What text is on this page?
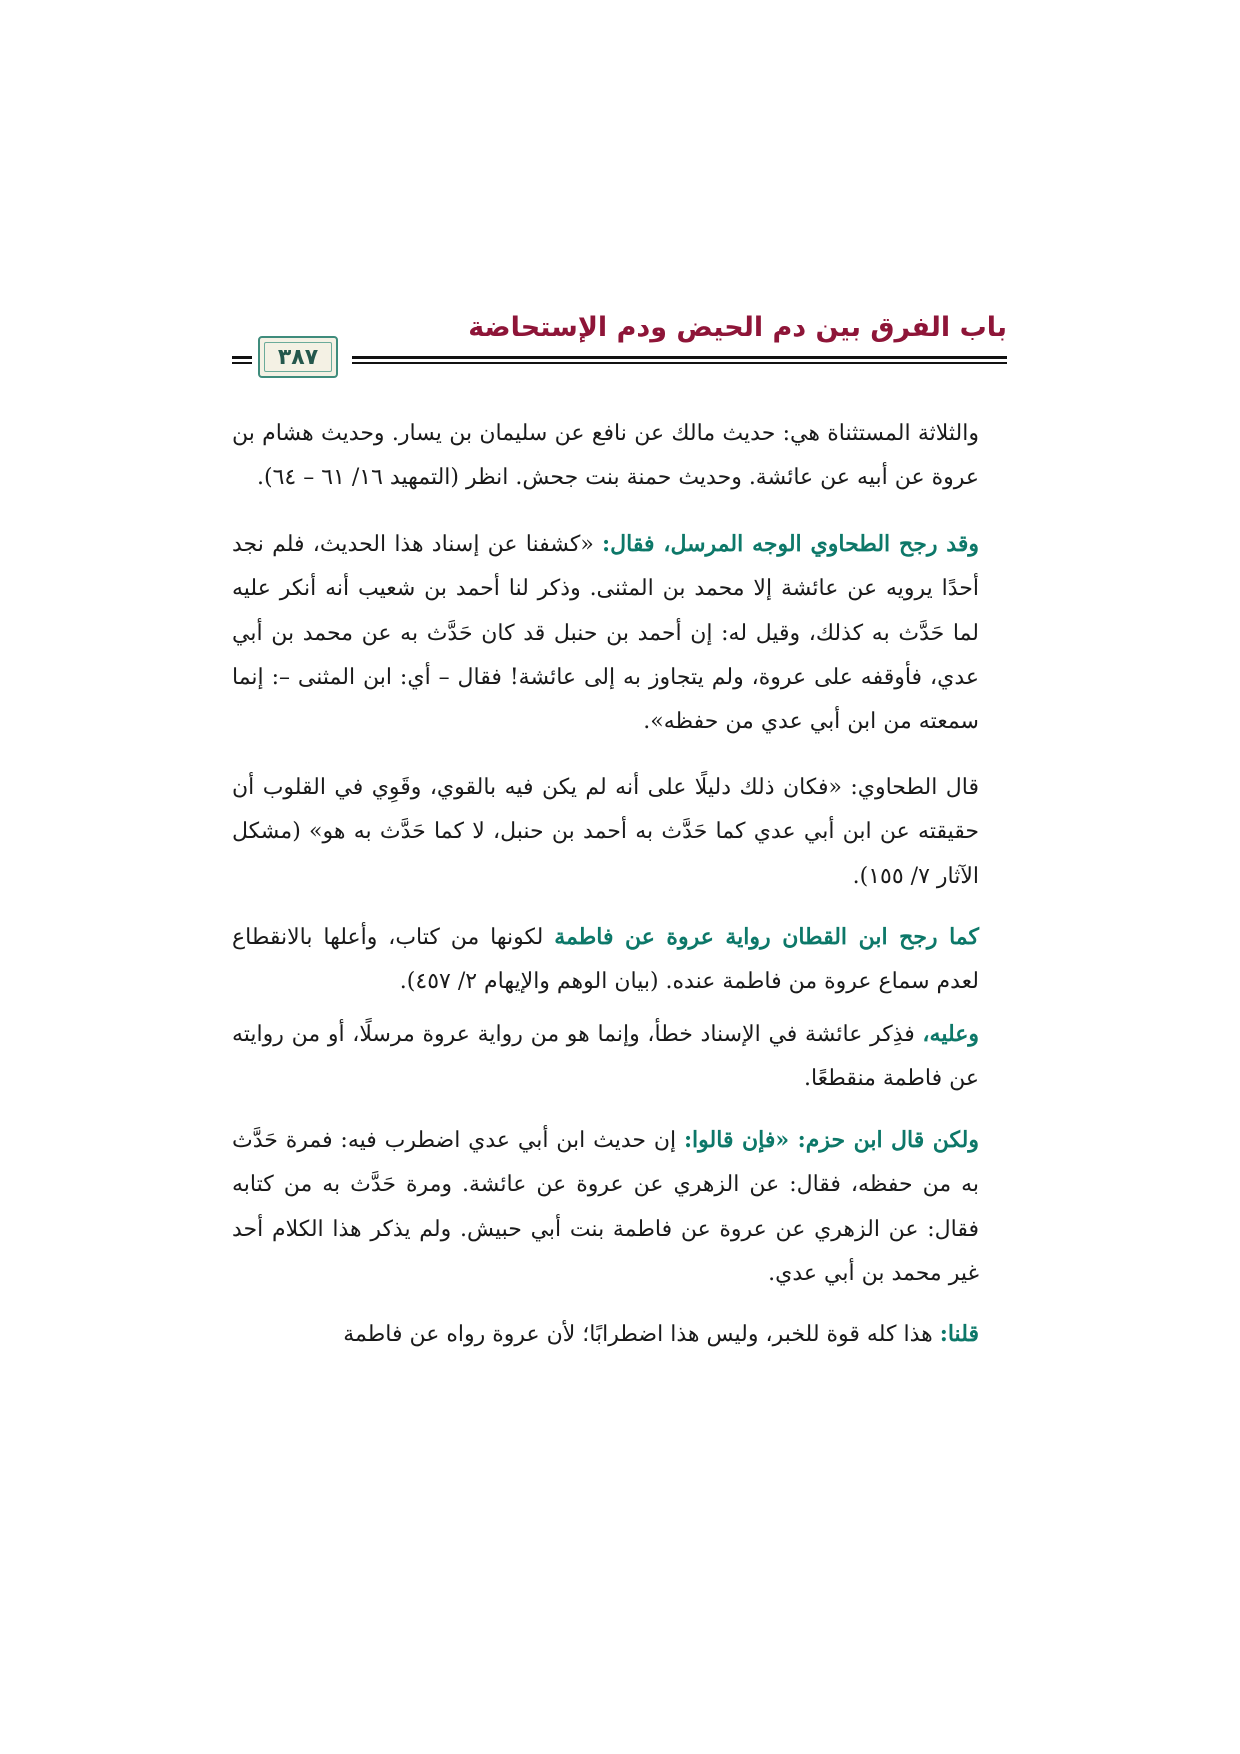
باب الفرق بين دم الحيض ودم الإستحاضة
٣٨٧

والثلاثة المستثناة هي: حديث مالك عن نافع عن سليمان بن يسار. وحديث هشام بن عروة عن أبيه عن عائشة. وحديث حمنة بنت جحش. انظر (التمهيد ١٦/ ٦١ – ٦٤).

وقد رجح الطحاوي الوجه المرسل، فقال: «كشفنا عن إسناد هذا الحديث، فلم نجد أحدًا يرويه عن عائشة إلا محمد بن المثنى. وذكر لنا أحمد بن شعيب أنه أنكر عليه لما حَدَّث به كذلك، وقيل له: إن أحمد بن حنبل قد كان حَدَّث به عن محمد بن أبي عدي، فأوقفه على عروة، ولم يتجاوز به إلى عائشة! فقال – أي: ابن المثنى –: إنما سمعته من ابن أبي عدي من حفظه».

قال الطحاوي: «فكان ذلك دليلًا على أنه لم يكن فيه بالقوي، وقَوِي في القلوب أن حقيقته عن ابن أبي عدي كما حَدَّث به أحمد بن حنبل، لا كما حَدَّث به هو» (مشكل الآثار ٧/ ١٥٥).

كما رجح ابن القطان رواية عروة عن فاطمة لكونها من كتاب، وأعلها بالانقطاع لعدم سماع عروة من فاطمة عنده. (بيان الوهم والإيهام ٢/ ٤٥٧).

وعليه، فذِكر عائشة في الإسناد خطأ، وإنما هو من رواية عروة مرسلًا، أو من روايته عن فاطمة منقطعًا.

ولكن قال ابن حزم: «فإن قالوا: إن حديث ابن أبي عدي اضطرب فيه: فمرة حَدَّث به من حفظه، فقال: عن الزهري عن عروة عن عائشة. ومرة حَدَّث به من كتابه فقال: عن الزهري عن عروة عن فاطمة بنت أبي حبيش. ولم يذكر هذا الكلام أحد غير محمد بن أبي عدي.

قلنا: هذا كله قوة للخبر، وليس هذا اضطرابًا؛ لأن عروة رواه عن فاطمة
